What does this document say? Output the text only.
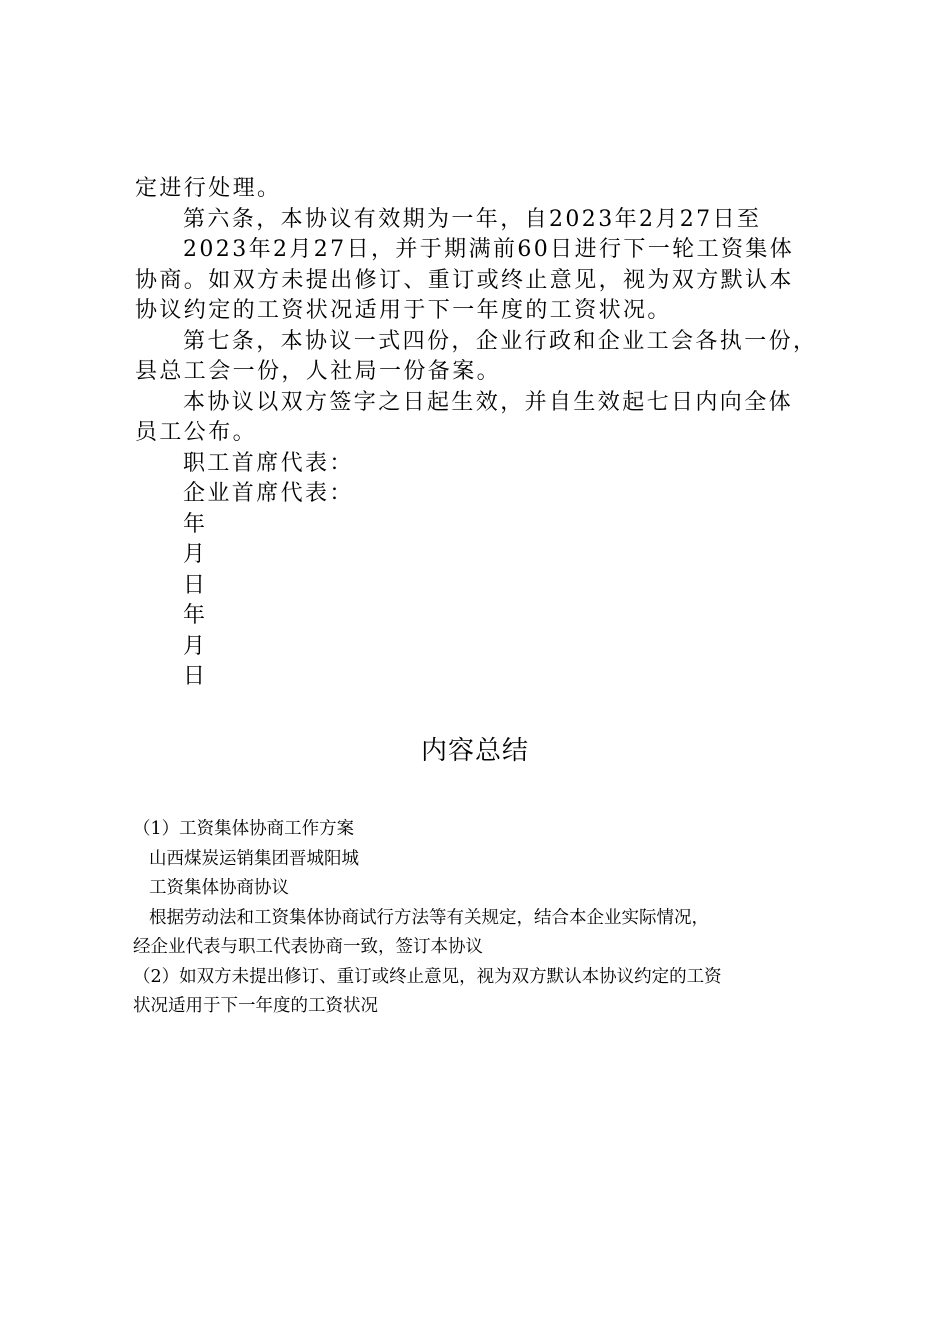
定进行处理。

第六条，本协议有效期为一年，自2023年2月27日至

2023年2月27日，并于期满前60日进行下一轮工资集体

协商。如双方未提出修订、重订或终止意见，视为双方默认本

协议约定的工资状况适用于下一年度的工资状况。

第七条，本协议一式四份，企业行政和企业工会各执一份，

县总工会一份，人社局一份备案。

本协议以双方签字之日起生效，并自生效起七日内向全体

员工公布。

职工首席代表：

企业首席代表：

年

月

日

年

月

日

内容总结

（1）工资集体协商工作方案

山西煤炭运销集团晋城阳城

工资集体协商协议

根据劳动法和工资集体协商试行方法等有关规定，结合本企业实际情况，

经企业代表与职工代表协商一致，签订本协议

（2）如双方未提出修订、重订或终止意见，视为双方默认本协议约定的工资

状况适用于下一年度的工资状况
